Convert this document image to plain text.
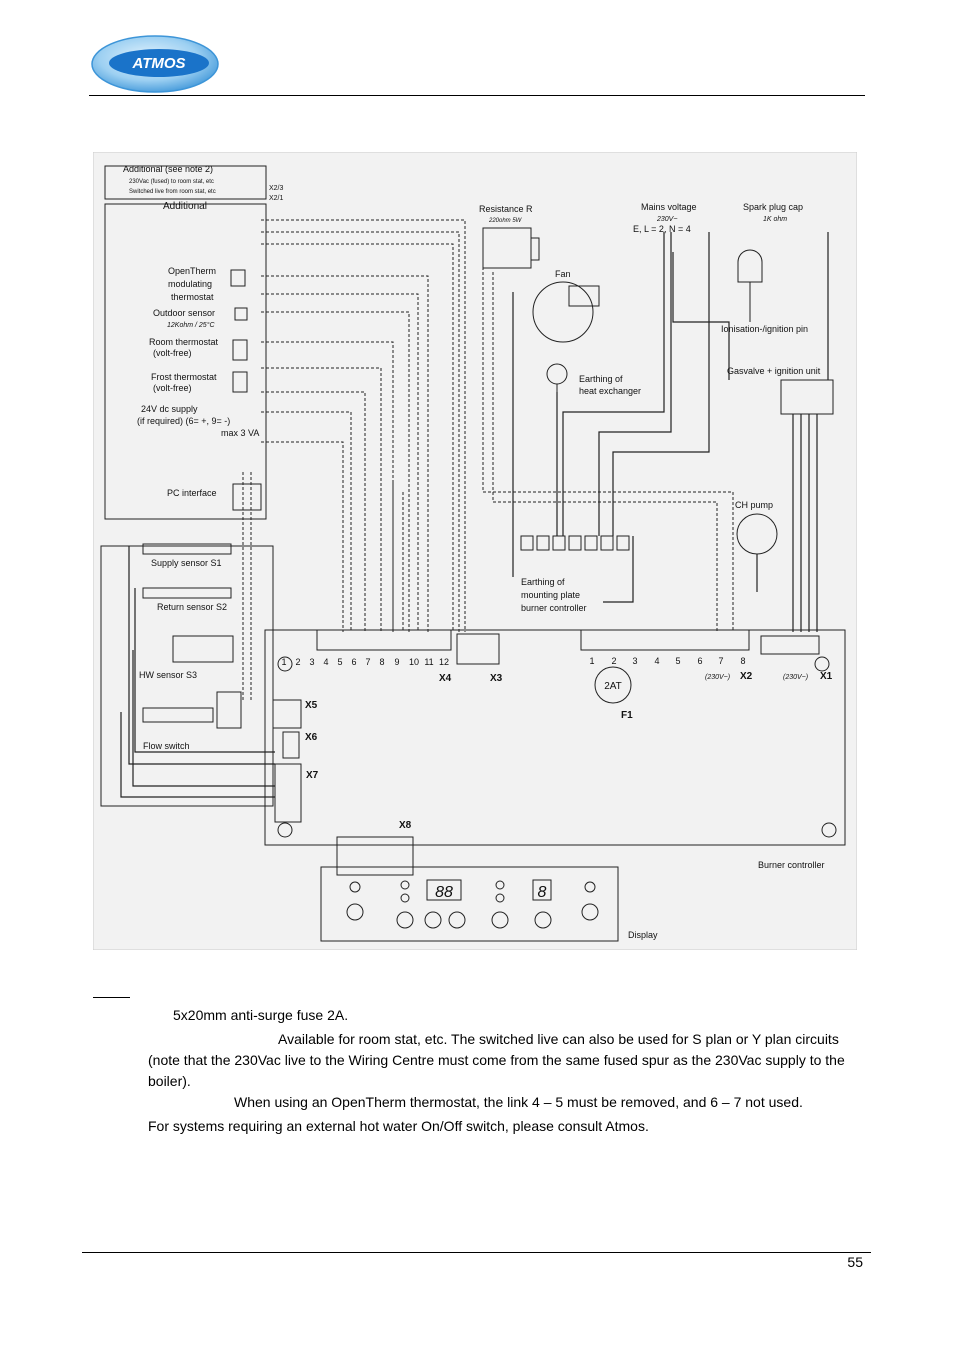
ATMOS
Additional (see note 2)
230Vac (fused) to room stat, etc
Switched live from room stat, etc	X2/3
X2/1
Additional
OpenTherm
modulating
thermostat
Outdoor sensor
12Kohm / 25°C
Room thermostat
(volt-free)
Frost thermostat
(volt-free)
24V dc supply
(if required) (6= +, 9= -)
max 3 VA
PC interface
Resistance R
220ohm 5W
Fan
Mains voltage
230V~
E, L = 2, N = 4
Spark plug cap
1K ohm
Ionisation-/ignition pin
Earthing of
heat exchanger
Gasvalve + ignition unit
CH pump
Earthing of
mounting plate
burner controller
Supply sensor S1
Return sensor S2
HW sensor S3
Flow switch
1 2 3 4 5 6 7 8 9 10 11 12	1 2 3 4 5 6 7 8
X4	X3	X2	X1
X5
X6
X7
X8
F1
(230V~)	(230V~)
2AT
Burner controller
Display
88	8
5x20mm anti-surge fuse 2A.
Available for room stat, etc. The switched live can also be used for S plan or Y plan circuits (note that the 230Vac live to the Wiring Centre must come from the same fused spur as the 230Vac supply to the boiler).
When using an OpenTherm thermostat, the link 4 – 5 must be removed, and 6 – 7 not used.
For systems requiring an external hot water On/Off switch, please consult Atmos.
55
